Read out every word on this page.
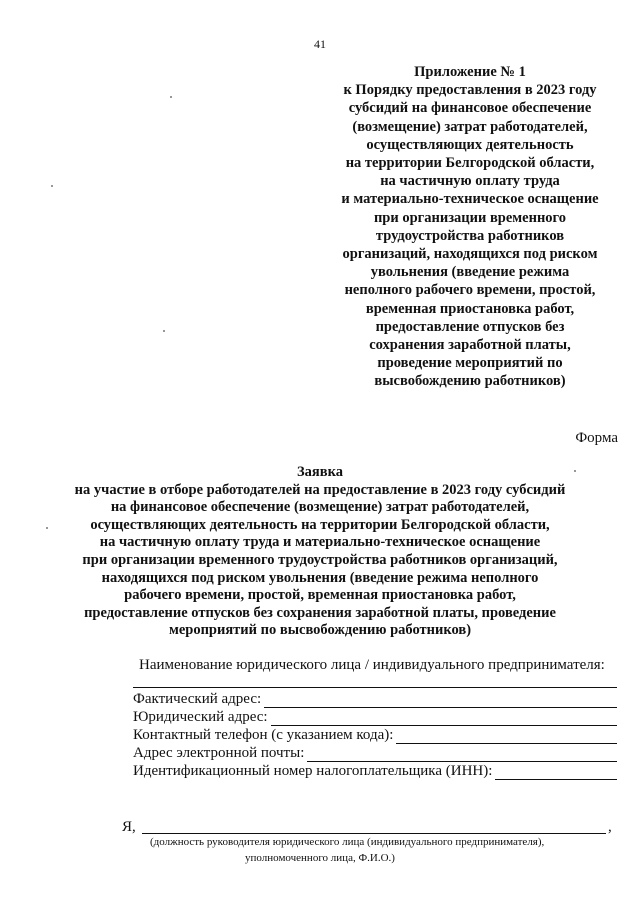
41
Приложение № 1
к Порядку предоставления в 2023 году
субсидий на финансовое обеспечение
(возмещение) затрат работодателей,
осуществляющих деятельность
на территории Белгородской области,
на частичную оплату труда
и материально-техническое оснащение
при организации временного
трудоустройства работников
организаций, находящихся под риском
увольнения (введение режима
неполного рабочего времени, простой,
временная приостановка работ,
предоставление отпусков без
сохранения заработной платы,
проведение мероприятий по
высвобождению работников)
Форма
Заявка
на участие в отборе работодателей на предоставление в 2023 году субсидий
на финансовое обеспечение (возмещение) затрат работодателей,
осуществляющих деятельность на территории Белгородской области,
на частичную оплату труда и материально-техническое оснащение
при организации временного трудоустройства работников организаций,
находящихся под риском увольнения (введение режима неполного
рабочего времени, простой, временная приостановка работ,
предоставление отпусков без сохранения заработной платы, проведение
мероприятий по высвобождению работников)
Наименование юридического лица / индивидуального предпринимателя:
Фактический адрес:
Юридический адрес:
Контактный телефон (с указанием кода):
Адрес электронной почты:
Идентификационный номер налогоплательщика (ИНН):
Я,	,
(должность руководителя юридического лица (индивидуального предпринимателя),
уполномоченного лица, Ф.И.О.)
